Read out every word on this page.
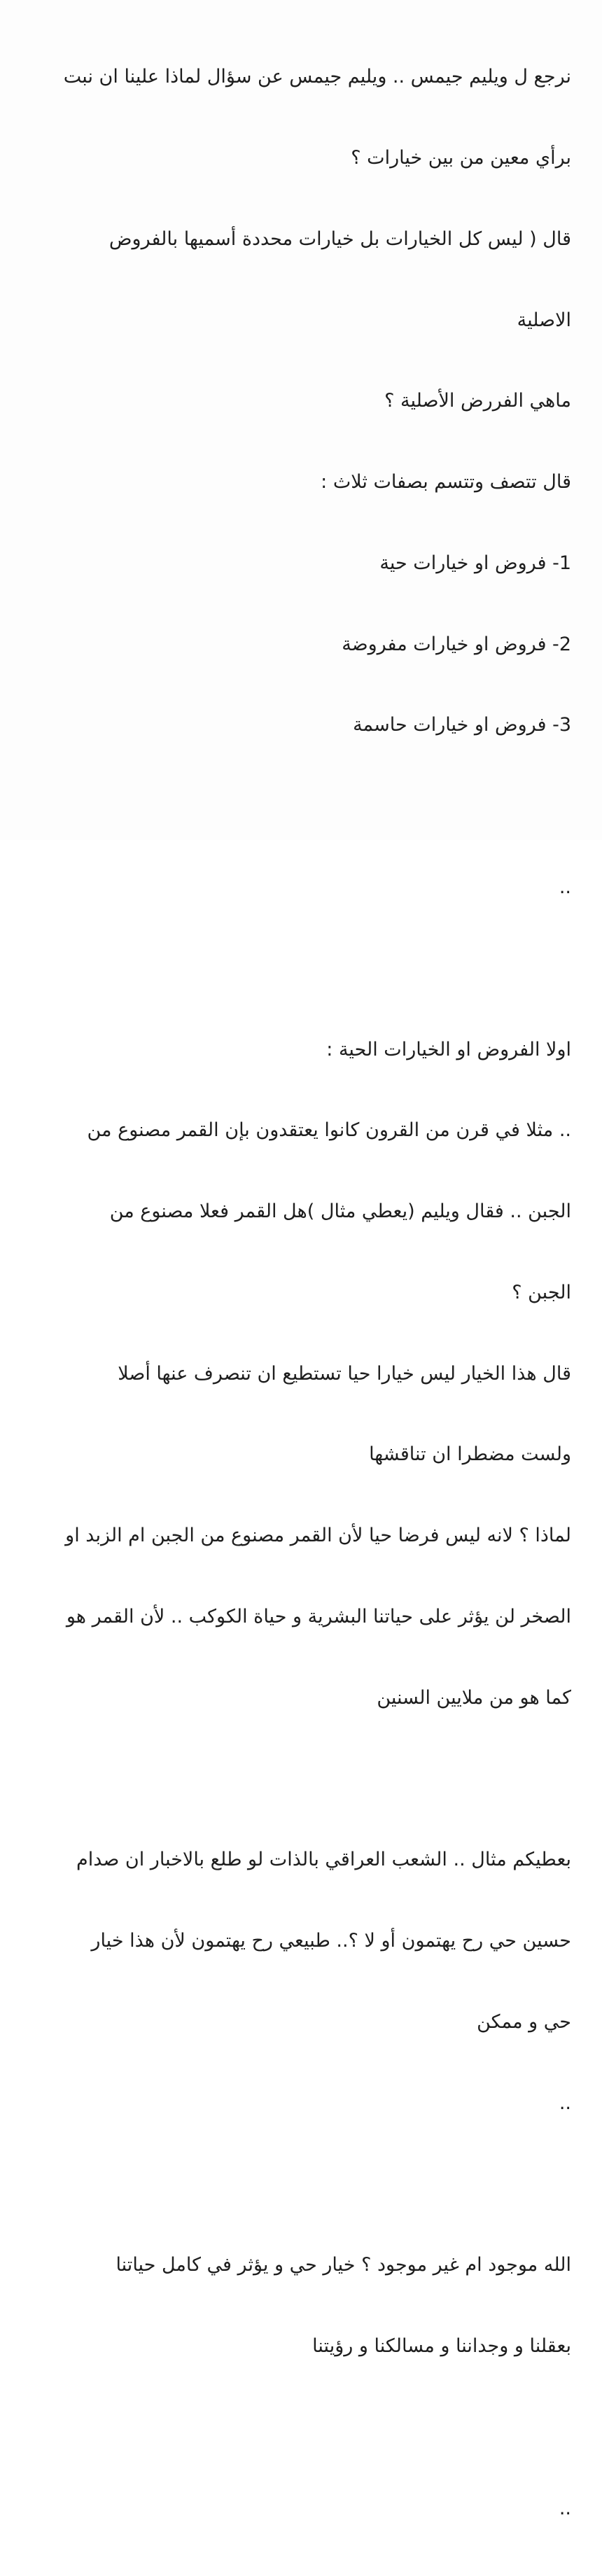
نرجع ل ويليم جيمس .. ويليم جيمس عن سؤال لماذا علينا ان نبت

برأي معين من بين خيارات ؟

قال ( ليس كل الخيارات بل خيارات محددة أسميها بالفروض

الاصلية

ماهي الفررض الأصلية ؟

قال تتصف وتتسم بصفات ثلاث :

1- فروض او خيارات حية

2- فروض او خيارات مفروضة

3- فروض او خيارات حاسمة

..

اولا الفروض او الخيارات الحية :

.. مثلا في قرن من القرون كانوا يعتقدون بإن القمر مصنوع من

الجبن .. فقال ويليم (يعطي مثال )هل القمر فعلا مصنوع من

الجبن ؟

قال هذا الخيار ليس خيارا حيا تستطيع ان تنصرف عنها أصلا

ولست مضطرا ان تناقشها

لماذا ؟ لانه ليس فرضا حيا لأن القمر مصنوع من الجبن ام الزبد او

الصخر لن يؤثر على حياتنا البشرية و حياة الكوكب .. لأن القمر هو

كما هو من ملايين السنين

بعطيكم مثال .. الشعب العراقي بالذات لو طلع بالاخبار ان صدام

حسين حي رح يهتمون أو لا ؟.. طبيعي رح يهتمون لأن هذا خيار

حي و ممكن

..

الله موجود ام غير موجود ؟ خيار حي و يؤثر في كامل حياتنا

بعقلنا و وجداننا و مسالكنا و رؤيتنا

..
